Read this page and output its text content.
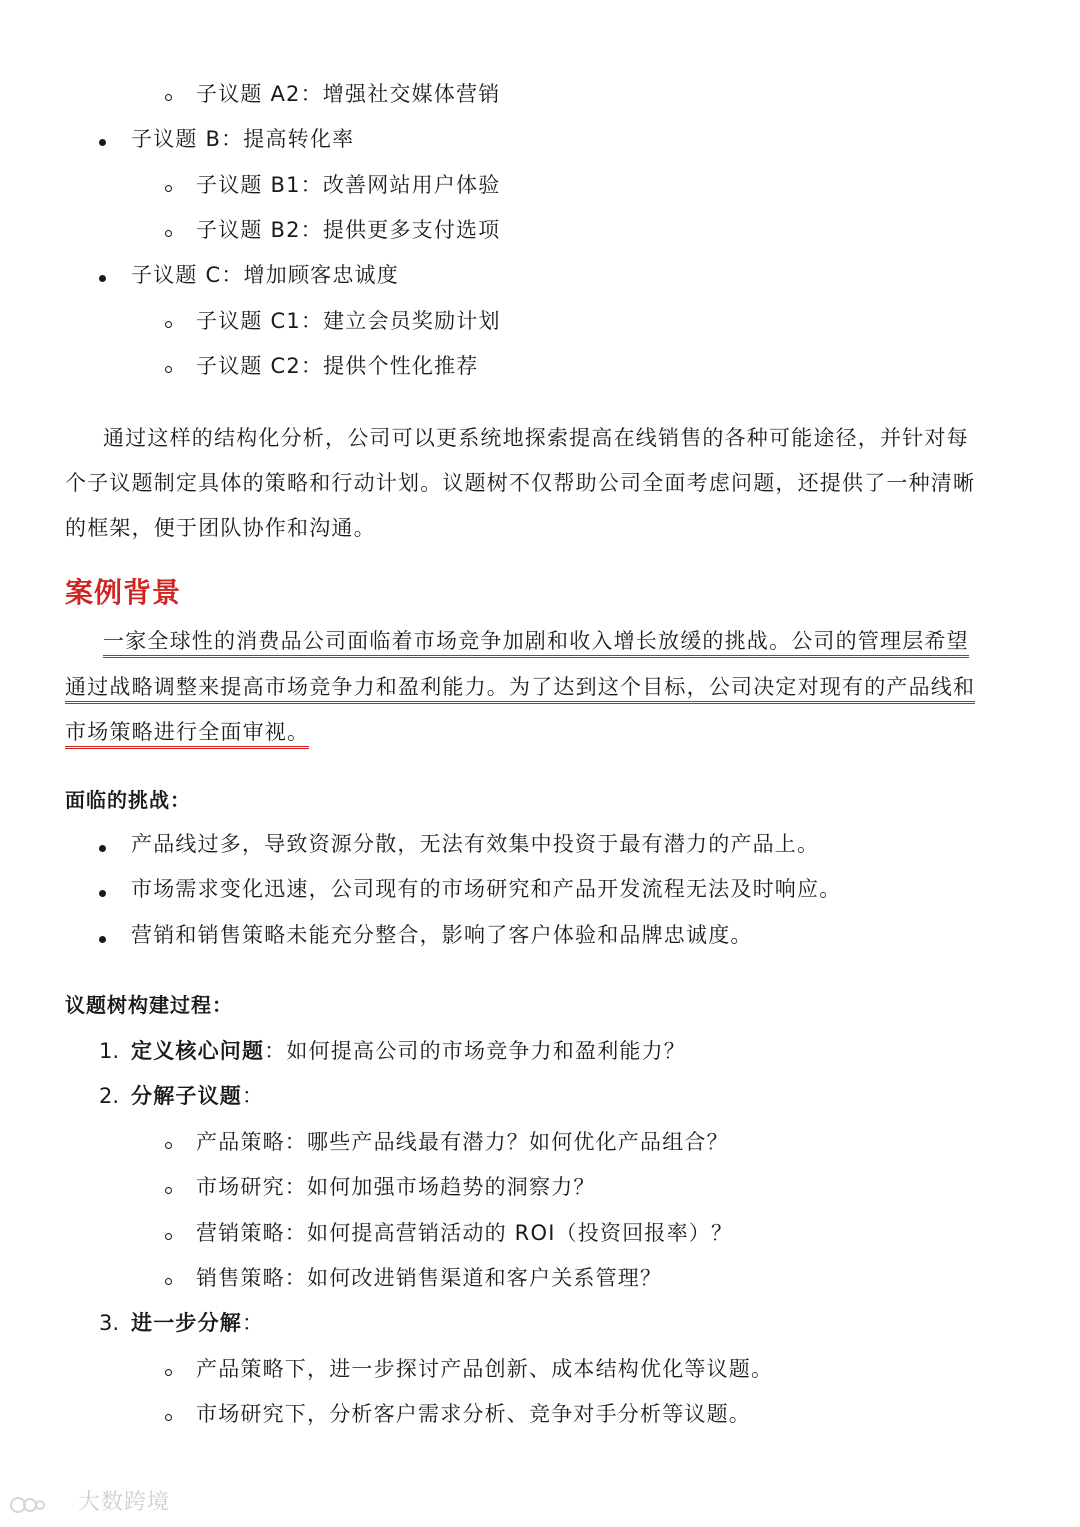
子议题 A2：增强社交媒体营销
子议题 B：提高转化率
子议题 B1：改善网站用户体验
子议题 B2：提供更多支付选项
子议题 C：增加顾客忠诚度
子议题 C1：建立会员奖励计划
子议题 C2：提供个性化推荐
通过这样的结构化分析，公司可以更系统地探索提高在线销售的各种可能途径，并针对每
个子议题制定具体的策略和行动计划。议题树不仅帮助公司全面考虑问题，还提供了一种清晰
的框架，便于团队协作和沟通。
案例背景
一家全球性的消费品公司面临着市场竞争加剧和收入增长放缓的挑战。公司的管理层希望
通过战略调整来提高市场竞争力和盈利能力。为了达到这个目标，公司决定对现有的产品线和
市场策略进行全面审视。
面临的挑战：
产品线过多，导致资源分散，无法有效集中投资于最有潜力的产品上。
市场需求变化迅速，公司现有的市场研究和产品开发流程无法及时响应。
营销和销售策略未能充分整合，影响了客户体验和品牌忠诚度。
议题树构建过程：
1. 定义核心问题：如何提高公司的市场竞争力和盈利能力？
2. 分解子议题：
产品策略：哪些产品线最有潜力？如何优化产品组合？
市场研究：如何加强市场趋势的洞察力？
营销策略：如何提高营销活动的 ROI（投资回报率）？
销售策略：如何改进销售渠道和客户关系管理？
3. 进一步分解：
产品策略下，进一步探讨产品创新、成本结构优化等议题。
市场研究下，分析客户需求分析、竞争对手分析等议题。
大数跨境
